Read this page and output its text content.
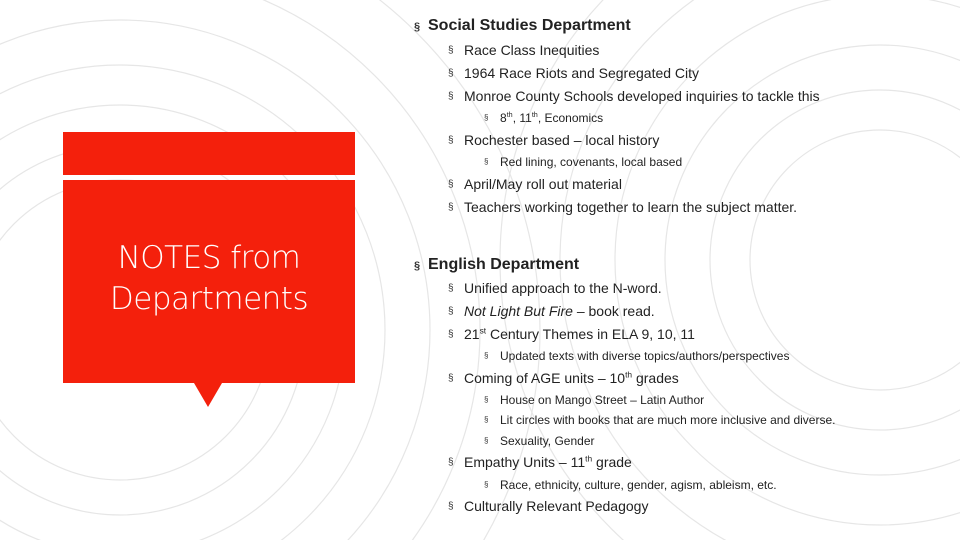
NOTES from
Departments
§ Social Studies Department
§ Race Class Inequities
§ 1964 Race Riots and Segregated City
§ Monroe County Schools developed inquiries to tackle this
§ 8th, 11th, Economics
§ Rochester based – local history
§ Red lining, covenants, local based
§ April/May roll out material
§ Teachers working together to learn the subject matter.
§ English Department
§ Unified approach to the N-word.
§ Not Light But Fire – book read.
§ 21st Century Themes in ELA 9, 10, 11
§ Updated texts with diverse topics/authors/perspectives
§ Coming of AGE units – 10th grades
§ House on Mango Street – Latin Author
§ Lit circles with books that are much more inclusive and diverse.
§ Sexuality, Gender
§ Empathy Units – 11th grade
§ Race, ethnicity, culture, gender, agism, ableism, etc.
§ Culturally Relevant Pedagogy
